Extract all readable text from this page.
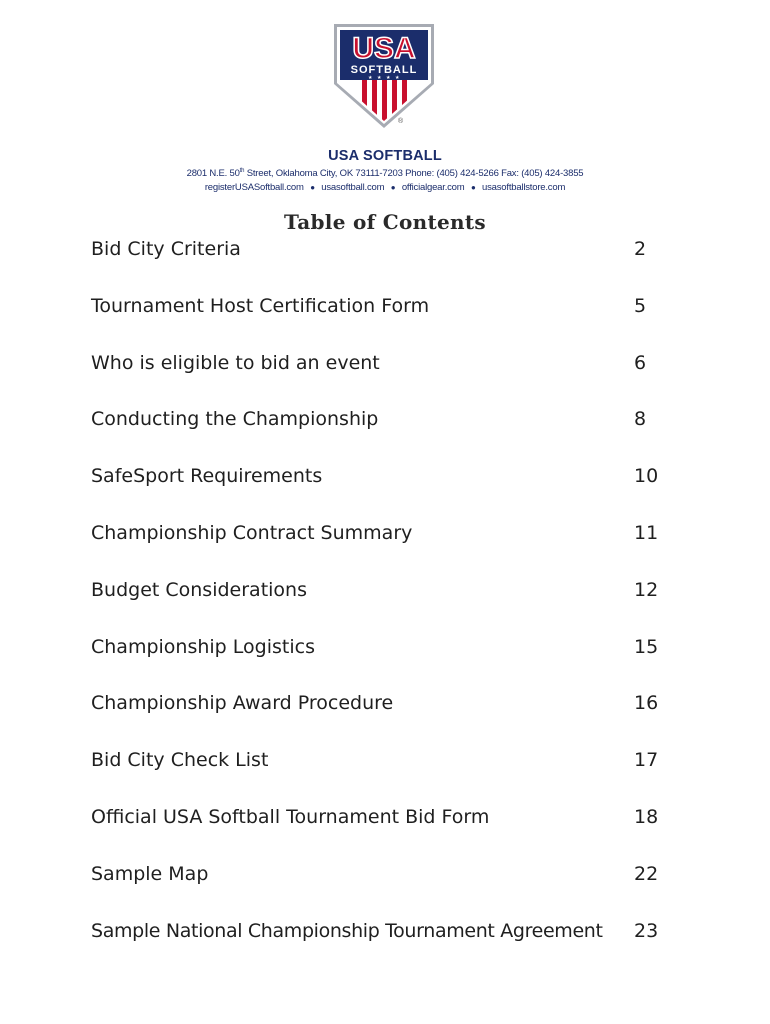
USA
SOFTBALL
★ ★ ★ ★
®
USA SOFTBALL
2801 N.E. 50th Street, Oklahoma City, OK 73111-7203 Phone: (405) 424-5266 Fax: (405) 424-3855
registerUSASoftball.com ● usasoftball.com ● officialgear.com ● usasoftballstore.com
Table of Contents
Bid City Criteria	2
Tournament Host Certification Form	5
Who is eligible to bid an event	6
Conducting the Championship	8
SafeSport Requirements	10
Championship Contract Summary	11
Budget Considerations	12
Championship Logistics	15
Championship Award Procedure	16
Bid City Check List	17
Official USA Softball Tournament Bid Form	18
Sample Map	22
Sample National Championship Tournament Agreement 23
